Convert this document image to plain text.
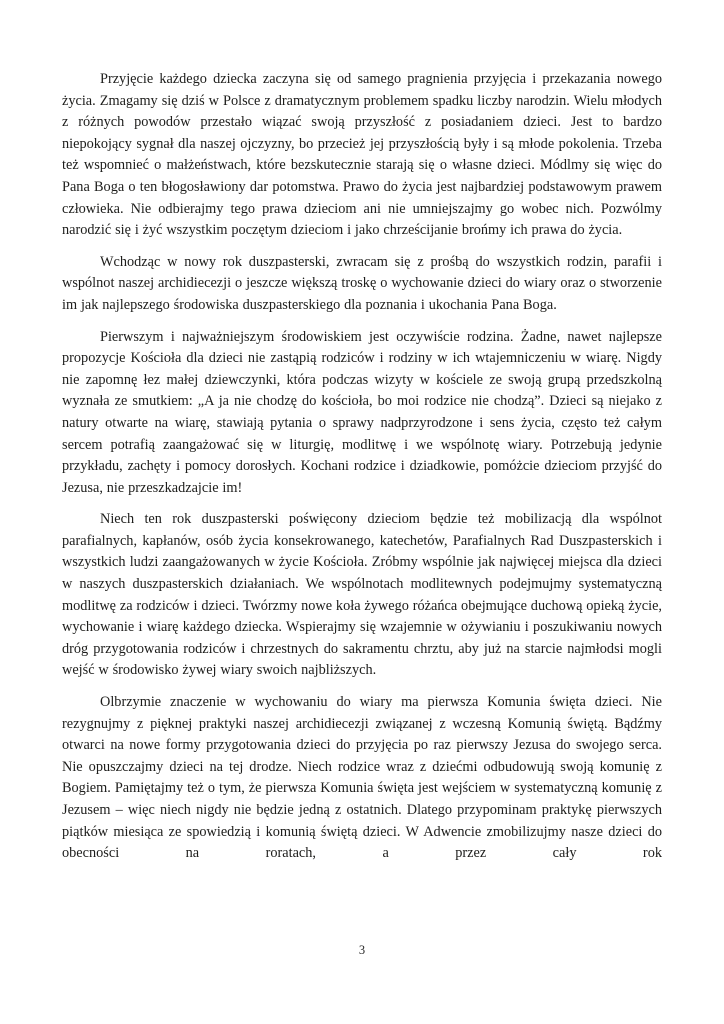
Przyjęcie każdego dziecka zaczyna się od samego pragnienia przyjęcia i przekazania nowego życia. Zmagamy się dziś w Polsce z dramatycznym problemem spadku liczby narodzin. Wielu młodych z różnych powodów przestało wiązać swoją przyszłość z posiadaniem dzieci. Jest to bardzo niepokojący sygnał dla naszej ojczyzny, bo przecież jej przyszłością były i są młode pokolenia. Trzeba też wspomnieć o małżeństwach, które bezskutecznie starają się o własne dzieci. Módlmy się więc do Pana Boga o ten błogosławiony dar potomstwa. Prawo do życia jest najbardziej podstawowym prawem człowieka. Nie odbierajmy tego prawa dzieciom ani nie umniejszajmy go wobec nich. Pozwólmy narodzić się i żyć wszystkim poczętym dzieciom i jako chrześcijanie brońmy ich prawa do życia.

Wchodząc w nowy rok duszpasterski, zwracam się z prośbą do wszystkich rodzin, parafii i wspólnot naszej archidiecezji o jeszcze większą troskę o wychowanie dzieci do wiary oraz o stworzenie im jak najlepszego środowiska duszpasterskiego dla poznania i ukochania Pana Boga.

Pierwszym i najważniejszym środowiskiem jest oczywiście rodzina. Żadne, nawet najlepsze propozycje Kościoła dla dzieci nie zastąpią rodziców i rodziny w ich wtajemniczeniu w wiarę. Nigdy nie zapomnę łez małej dziewczynki, która podczas wizyty w kościele ze swoją grupą przedszkolną wyznała ze smutkiem: „A ja nie chodzę do kościoła, bo moi rodzice nie chodzą”. Dzieci są niejako z natury otwarte na wiarę, stawiają pytania o sprawy nadprzyrodzone i sens życia, często też całym sercem potrafią zaangażować się w liturgię, modlitwę i we wspólnotę wiary. Potrzebują jedynie przykładu, zachęty i pomocy dorosłych. Kochani rodzice i dziadkowie, pomóżcie dzieciom przyjść do Jezusa, nie przeszkadzajcie im!

Niech ten rok duszpasterski poświęcony dzieciom będzie też mobilizacją dla wspólnot parafialnych, kapłanów, osób życia konsekrowanego, katechetów, Parafialnych Rad Duszpasterskich i wszystkich ludzi zaangażowanych w życie Kościoła. Zróbmy wspólnie jak najwięcej miejsca dla dzieci w naszych duszpasterskich działaniach. We wspólnotach modlitewnych podejmujmy systematyczną modlitwę za rodziców i dzieci. Twórzmy nowe koła żywego różańca obejmujące duchową opieką życie, wychowanie i wiarę każdego dziecka. Wspierajmy się wzajemnie w ożywianiu i poszukiwaniu nowych dróg przygotowania rodziców i chrzestnych do sakramentu chrztu, aby już na starcie najmłodsi mogli wejść w środowisko żywej wiary swoich najbliższych.

Olbrzymie znaczenie w wychowaniu do wiary ma pierwsza Komunia święta dzieci. Nie rezygnujmy z pięknej praktyki naszej archidiecezji związanej z wczesną Komunią świętą. Bądźmy otwarci na nowe formy przygotowania dzieci do przyjęcia po raz pierwszy Jezusa do swojego serca. Nie opuszczajmy dzieci na tej drodze. Niech rodzice wraz z dziećmi odbudowują swoją komunię z Bogiem. Pamiętajmy też o tym, że pierwsza Komunia święta jest wejściem w systematyczną komunię z Jezusem – więc niech nigdy nie będzie jedną z ostatnich. Dlatego przypominam praktykę pierwszych piątków miesiąca ze spowiedzią i komunią świętą dzieci. W Adwencie zmobilizujmy nasze dzieci do obecności na roratach, a przez cały rok

3
